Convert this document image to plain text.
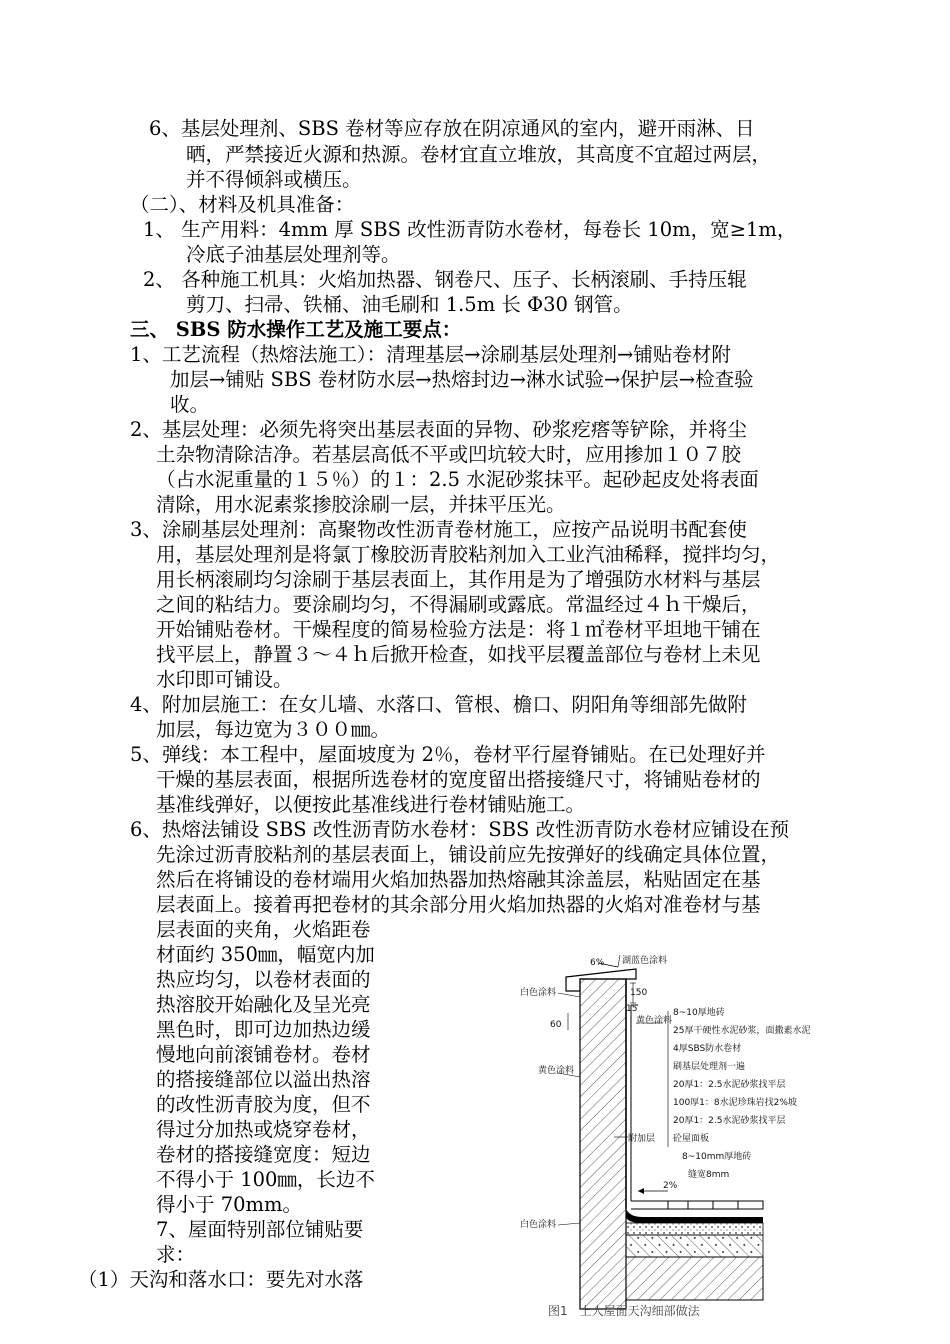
6、基层处理剂、SBS 卷材等应存放在阴凉通风的室内，避开雨淋、日
晒，严禁接近火源和热源。卷材宜直立堆放，其高度不宜超过两层，
并不得倾斜或横压。
（二）、材料及机具准备：
1、 生产用料：4mm 厚 SBS 改性沥青防水卷材，每卷长 10m，宽≥1m，
冷底子油基层处理剂等。
2、 各种施工机具：火焰加热器、钢卷尺、压子、长柄滚刷、手持压辊
剪刀、扫帚、铁桶、油毛刷和 1.5m 长 Φ30 钢管。
三、 SBS 防水操作工艺及施工要点：
1、工艺流程（热熔法施工）：清理基层→涂刷基层处理剂→铺贴卷材附
加层→铺贴 SBS 卷材防水层→热熔封边→淋水试验→保护层→检查验
收。
2、基层处理：必须先将突出基层表面的异物、砂浆疙瘩等铲除，并将尘
土杂物清除洁净。若基层高低不平或凹坑较大时，应用掺加１０７胶
（占水泥重量的１５％）的１：2.5 水泥砂浆抹平。起砂起皮处将表面
清除，用水泥素浆掺胶涂刷一层，并抹平压光。
3、涂刷基层处理剂：高聚物改性沥青卷材施工，应按产品说明书配套使
用，基层处理剂是将氯丁橡胶沥青胶粘剂加入工业汽油稀释，搅拌均匀，
用长柄滚刷均匀涂刷于基层表面上，其作用是为了增强防水材料与基层
之间的粘结力。要涂刷均匀，不得漏刷或露底。常温经过４ｈ干燥后，
开始铺贴卷材。干燥程度的简易检验方法是：将１㎡卷材平坦地干铺在
找平层上，静置３～４ｈ后掀开检查，如找平层覆盖部位与卷材上未见
水印即可铺设。
4、附加层施工：在女儿墙、水落口、管根、檐口、阴阳角等细部先做附
加层，每边宽为３００㎜。
5、弹线：本工程中，屋面坡度为 2％，卷材平行屋脊铺贴。在已处理好并
干燥的基层表面，根据所选卷材的宽度留出搭接缝尺寸，将铺贴卷材的
基准线弹好，以便按此基准线进行卷材铺贴施工。
6、热熔法铺设 SBS 改性沥青防水卷材：SBS 改性沥青防水卷材应铺设在预
先涂过沥青胶粘剂的基层表面上，铺设前应先按弹好的线确定具体位置，
然后在将铺设的卷材端用火焰加热器加热熔融其涂盖层，粘贴固定在基
层表面上。接着再把卷材的其余部分用火焰加热器的火焰对准卷材与基
层表面的夹角，火焰距卷
材面约 350㎜，幅宽内加
热应均匀，以卷材表面的
热溶胶开始融化及呈光亮
黑色时，即可边加热边缓
慢地向前滚铺卷材。卷材
的搭接缝部位以溢出热溶
的改性沥青胶为度，但不
得过分加热或烧穿卷材，
卷材的搭接缝宽度：短边
不得小于 100㎜，长边不
得小于 70mm。
7、屋面特别部位铺贴要
求：
（1）天沟和落水口：要先对水落
6% 湖蓝色涂料
白色涂料	150
15
60	黄色涂料
黄色涂料
附加层
2%
白色涂料
8~10厚地砖
25厚干硬性水泥砂浆，面撒素水泥
4厚SBS防水卷材
刷基层处理剂一遍
20厚1：2.5水泥砂浆找平层
100厚1：8水泥珍珠岩找2%坡
20厚1：2.5水泥砂浆找平层
砼屋面板
8~10mm厚地砖
缝宽8mm
图1　上人屋面天沟细部做法
